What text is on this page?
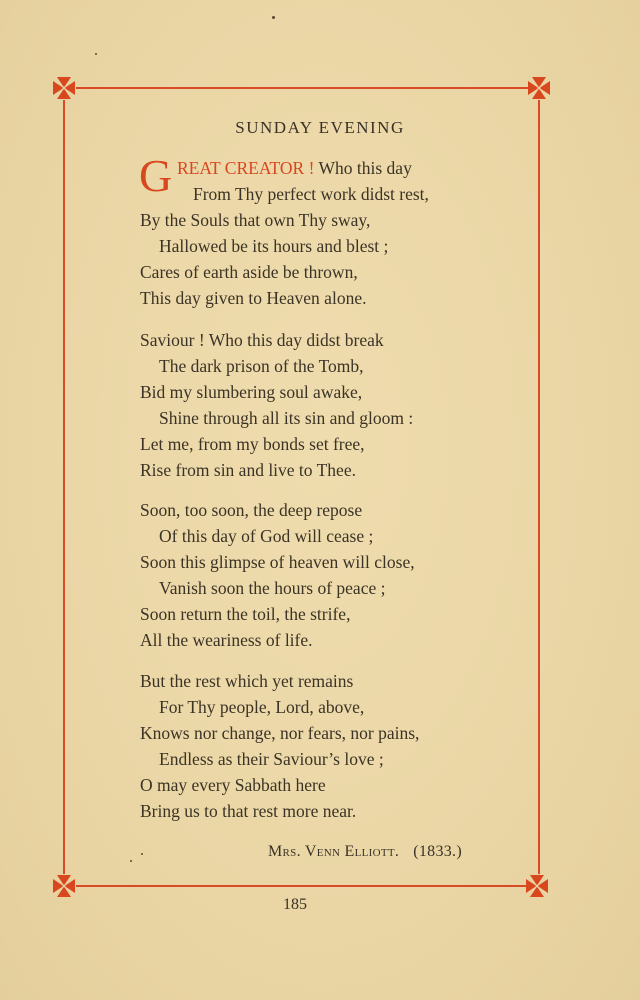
SUNDAY EVENING
G REAT CREATOR ! Who this day
From Thy perfect work didst rest,
By the Souls that own Thy sway,
Hallowed be its hours and blest ;
Cares of earth aside be thrown,
This day given to Heaven alone.
Saviour ! Who this day didst break
The dark prison of the Tomb,
Bid my slumbering soul awake,
Shine through all its sin and gloom :
Let me, from my bonds set free,
Rise from sin and live to Thee.
Soon, too soon, the deep repose
Of this day of God will cease ;
Soon this glimpse of heaven will close,
Vanish soon the hours of peace ;
Soon return the toil, the strife,
All the weariness of life.
But the rest which yet remains
For Thy people, Lord, above,
Knows nor change, nor fears, nor pains,
Endless as their Saviour’s love ;
O may every Sabbath here
Bring us to that rest more near.
Mrs. Venn Elliott. (1833.)
185
